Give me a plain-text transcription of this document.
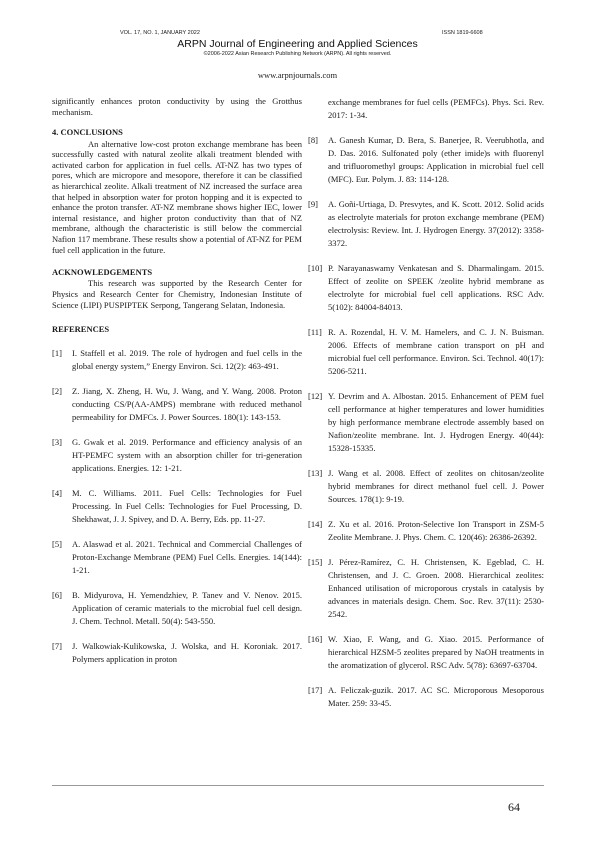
VOL. 17, NO. 1, JANUARY 2022	ISSN 1819-6608
ARPN Journal of Engineering and Applied Sciences
©2006-2022 Asian Research Publishing Network (ARPN). All rights reserved.
www.arpnjournals.com

significantly enhances proton conductivity by using the Grotthus mechanism.

4. CONCLUSIONS

An alternative low-cost proton exchange membrane has been successfully casted with natural zeolite alkali treatment blended with activated carbon for application in fuel cells. AT-NZ has two types of pores, which are micropore and mesopore, therefore it can be classified as hierarchical zeolite. Alkali treatment of NZ increased the surface area that helped in absorption water for proton hopping and it is expected to enhance the proton transfer. AT-NZ membrane shows higher IEC, lower internal resistance, and higher proton conductivity than that of NZ membrane, although the characteristic is still below the commercial Nafion 117 membrane. These results show a potential of AT-NZ for PEM fuel cell application in the future.

ACKNOWLEDGEMENTS

This research was supported by the Research Center for Physics and Research Center for Chemistry, Indonesian Institute of Science (LIPI) PUSPIPTEK Serpong, Tangerang Selatan, Indonesia.

REFERENCES

[1] I. Staffell et al. 2019. The role of hydrogen and fuel cells in the global energy system,” Energy Environ. Sci. 12(2): 463-491.
[2] Z. Jiang, X. Zheng, H. Wu, J. Wang, and Y. Wang. 2008. Proton conducting CS/P(AA-AMPS) membrane with reduced methanol permeability for DMFCs. J. Power Sources. 180(1): 143-153.
[3] G. Gwak et al. 2019. Performance and efficiency analysis of an HT-PEMFC system with an absorption chiller for tri-generation applications. Energies. 12: 1-21.
[4] M. C. Williams. 2011. Fuel Cells: Technologies for Fuel Processing. In Fuel Cells: Technologies for Fuel Processing, D. Shekhawat, J. J. Spivey, and D. A. Berry, Eds. pp. 11-27.
[5] A. Alaswad et al. 2021. Technical and Commercial Challenges of Proton-Exchange Membrane (PEM) Fuel Cells. Energies. 14(144): 1-21.
[6] B. Midyurova, H. Yemendzhiev, P. Tanev and V. Nenov. 2015. Application of ceramic materials to the microbial fuel cell design. J. Chem. Technol. Metall. 50(4): 543-550.
[7] J. Walkowiak-Kulikowska, J. Wolska, and H. Koroniak. 2017. Polymers application in proton

exchange membranes for fuel cells (PEMFCs). Phys. Sci. Rev. 2017: 1-34.

[8] A. Ganesh Kumar, D. Bera, S. Banerjee, R. Veerubhotla, and D. Das. 2016. Sulfonated poly (ether imide)s with fluorenyl and trifluoromethyl groups: Application in microbial fuel cell (MFC). Eur. Polym. J. 83: 114-128.
[9] A. Goñi-Urtiaga, D. Presvytes, and K. Scott. 2012. Solid acids as electrolyte materials for proton exchange membrane (PEM) electrolysis: Review. Int. J. Hydrogen Energy. 37(2012): 3358-3372.
[10] P. Narayanaswamy Venkatesan and S. Dharmalingam. 2015. Effect of zeolite on SPEEK /zeolite hybrid membrane as electrolyte for microbial fuel cell applications. RSC Adv. 5(102): 84004-84013.
[11] R. A. Rozendal, H. V. M. Hamelers, and C. J. N. Buisman. 2006. Effects of membrane cation transport on pH and microbial fuel cell performance. Environ. Sci. Technol. 40(17): 5206-5211.
[12] Y. Devrim and A. Albostan. 2015. Enhancement of PEM fuel cell performance at higher temperatures and lower humidities by high performance membrane electrode assembly based on Nafion/zeolite membrane. Int. J. Hydrogen Energy. 40(44): 15328-15335.
[13] J. Wang et al. 2008. Effect of zeolites on chitosan/zeolite hybrid membranes for direct methanol fuel cell. J. Power Sources. 178(1): 9-19.
[14] Z. Xu et al. 2016. Proton-Selective Ion Transport in ZSM-5 Zeolite Membrane. J. Phys. Chem. C. 120(46): 26386-26392.
[15] J. Pérez-Ramírez, C. H. Christensen, K. Egeblad, C. H. Christensen, and J. C. Groen. 2008. Hierarchical zeolites: Enhanced utilisation of microporous crystals in catalysis by advances in materials design. Chem. Soc. Rev. 37(11): 2530-2542.
[16] W. Xiao, F. Wang, and G. Xiao. 2015. Performance of hierarchical HZSM-5 zeolites prepared by NaOH treatments in the aromatization of glycerol. RSC Adv. 5(78): 63697-63704.
[17] A. Feliczak-guzik. 2017. AC SC. Microporous Mesoporous Mater. 259: 33-45.
64
